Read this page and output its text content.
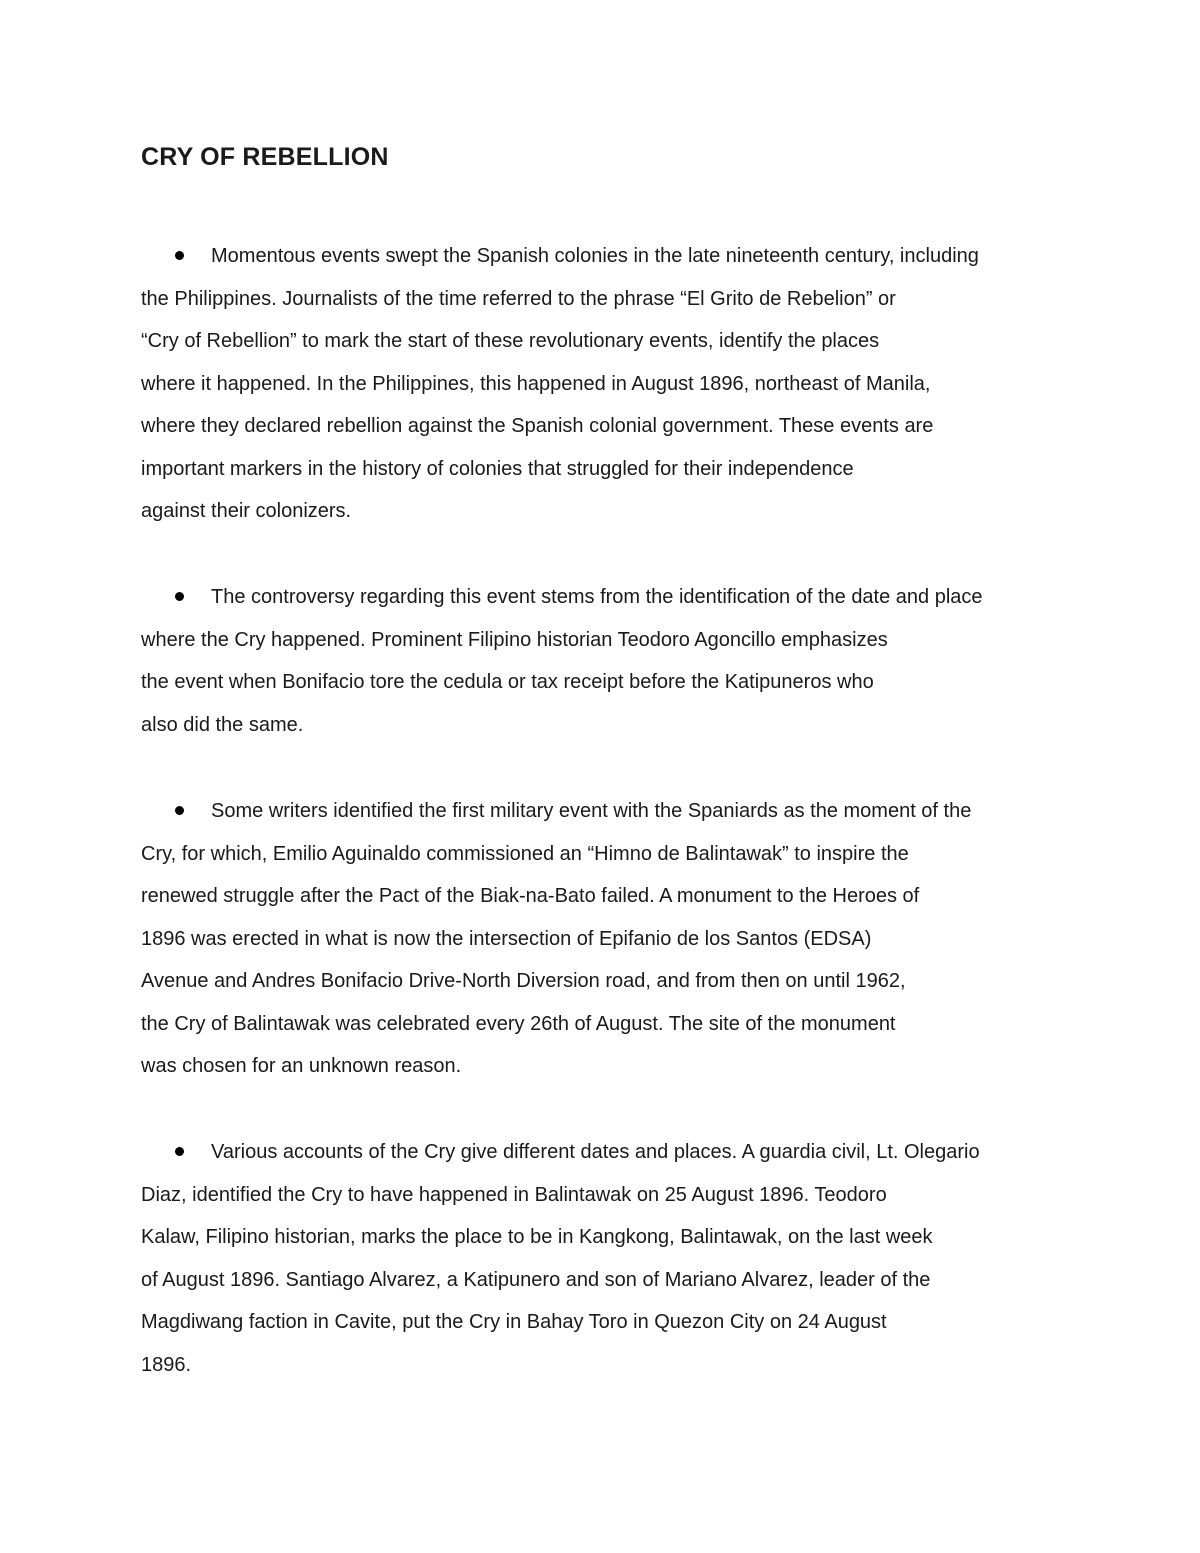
CRY OF REBELLION
Momentous events swept the Spanish colonies in the late nineteenth century, including
the Philippines. Journalists of the time referred to the phrase “El Grito de Rebelion” or
“Cry of Rebellion” to mark the start of these revolutionary events, identify the places
where it happened. In the Philippines, this happened in August 1896, northeast of Manila,
where they declared rebellion against the Spanish colonial government. These events are
important markers in the history of colonies that struggled for their independence
against their colonizers.
The controversy regarding this event stems from the identification of the date and place
where the Cry happened. Prominent Filipino historian Teodoro Agoncillo emphasizes
the event when Bonifacio tore the cedula or tax receipt before the Katipuneros who
also did the same.
Some writers identified the first military event with the Spaniards as the moment of the
Cry, for which, Emilio Aguinaldo commissioned an “Himno de Balintawak” to inspire the
renewed struggle after the Pact of the Biak-na-Bato failed. A monument to the Heroes of
1896 was erected in what is now the intersection of Epifanio de los Santos (EDSA)
Avenue and Andres Bonifacio Drive-North Diversion road, and from then on until 1962,
the Cry of Balintawak was celebrated every 26th of August. The site of the monument
was chosen for an unknown reason.
Various accounts of the Cry give different dates and places. A guardia civil, Lt. Olegario
Diaz, identified the Cry to have happened in Balintawak on 25 August 1896. Teodoro
Kalaw, Filipino historian, marks the place to be in Kangkong, Balintawak, on the last week
of August 1896. Santiago Alvarez, a Katipunero and son of Mariano Alvarez, leader of the
Magdiwang faction in Cavite, put the Cry in Bahay Toro in Quezon City on 24 August
1896.
